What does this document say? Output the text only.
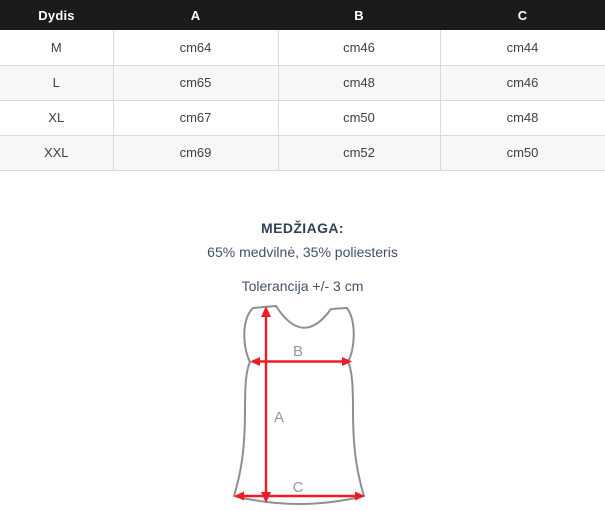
Dydis	A	B	C
M	cm64	cm46	cm44
L	cm65	cm48	cm46
XL	cm67	cm50	cm48
XXL	cm69	cm52	cm50
MEDŽIAGA:
65% medvilnė, 35% poliesteris
Tolerancija +/- 3 cm
A
B
C
